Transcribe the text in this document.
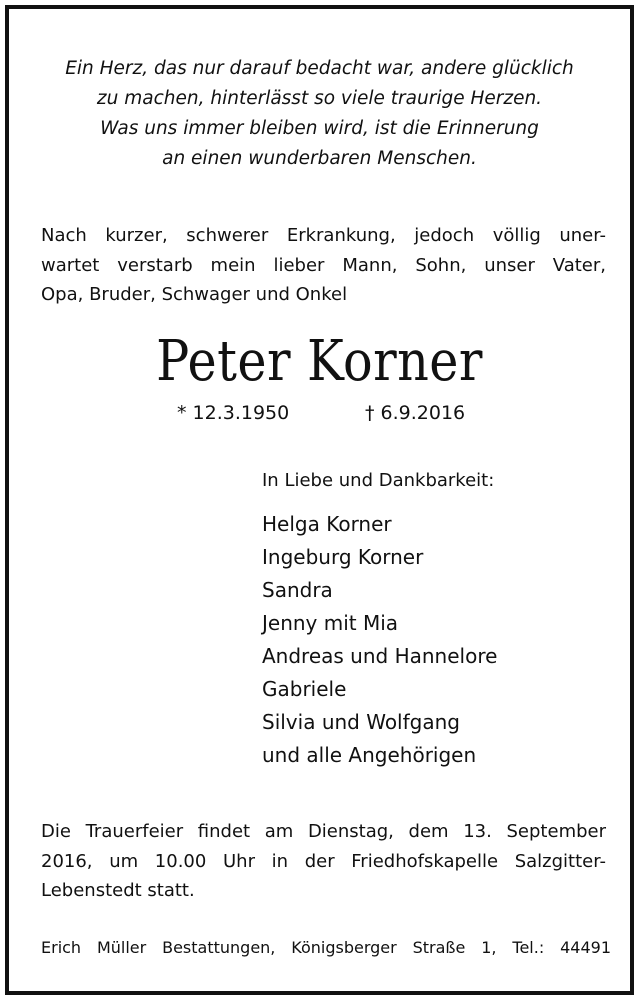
Ein Herz, das nur darauf bedacht war, andere glücklich
zu machen, hinterlässt so viele traurige Herzen.
Was uns immer bleiben wird, ist die Erinnerung
an einen wunderbaren Menschen.
Nach kurzer, schwerer Erkrankung, jedoch völlig uner-
wartet verstarb mein lieber Mann, Sohn, unser Vater,
Opa, Bruder, Schwager und Onkel
Peter Korner
* 12.3.1950	† 6.9.2016
In Liebe und Dankbarkeit:
Helga Korner
Ingeburg Korner
Sandra
Jenny mit Mia
Andreas und Hannelore
Gabriele
Silvia und Wolfgang
und alle Angehörigen
Die Trauerfeier findet am Dienstag, dem 13. September
2016, um 10.00 Uhr in der Friedhofskapelle Salzgitter-
Lebenstedt statt.
Erich Müller Bestattungen, Königsberger Straße 1, Tel.: 44491
